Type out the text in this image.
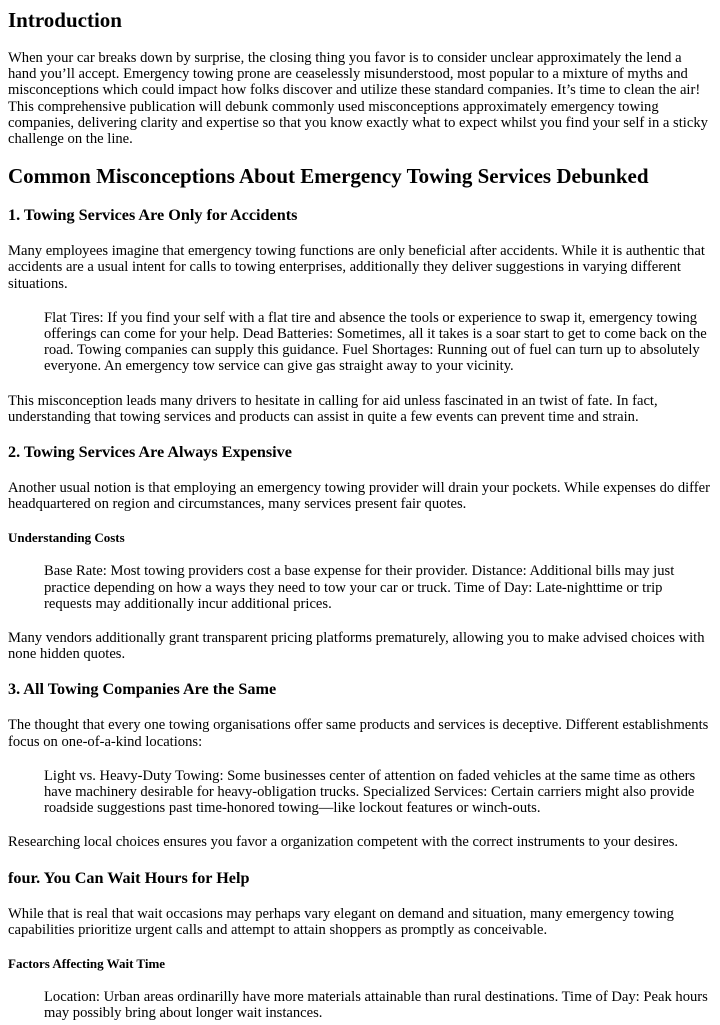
Introduction

When your car breaks down by surprise, the closing thing you favor is to consider unclear approximately the lend a hand you’ll accept. Emergency towing prone are ceaselessly misunderstood, most popular to a mixture of myths and misconceptions which could impact how folks discover and utilize these standard companies. It’s time to clean the air! This comprehensive publication will debunk commonly used misconceptions approximately emergency towing companies, delivering clarity and expertise so that you know exactly what to expect whilst you find your self in a sticky challenge on the line.

Common Misconceptions About Emergency Towing Services Debunked
1. Towing Services Are Only for Accidents

Many employees imagine that emergency towing functions are only beneficial after accidents. While it is authentic that accidents are a usual intent for calls to towing enterprises, additionally they deliver suggestions in varying different situations.

Flat Tires: If you find your self with a flat tire and absence the tools or experience to swap it, emergency towing offerings can come for your help. Dead Batteries: Sometimes, all it takes is a soar start to get to come back on the road. Towing companies can supply this guidance. Fuel Shortages: Running out of fuel can turn up to absolutely everyone. An emergency tow service can give gas straight away to your vicinity.

This misconception leads many drivers to hesitate in calling for aid unless fascinated in an twist of fate. In fact, understanding that towing services and products can assist in quite a few events can prevent time and strain.

2. Towing Services Are Always Expensive

Another usual notion is that employing an emergency towing provider will drain your pockets. While expenses do differ headquartered on region and circumstances, many services present fair quotes.

Understanding Costs
Base Rate: Most towing providers cost a base expense for their provider. Distance: Additional bills may just practice depending on how a ways they need to tow your car or truck. Time of Day: Late-nighttime or trip requests may additionally incur additional prices.

Many vendors additionally grant transparent pricing platforms prematurely, allowing you to make advised choices with none hidden quotes.

3. All Towing Companies Are the Same

The thought that every one towing organisations offer same products and services is deceptive. Different establishments focus on one-of-a-kind locations:

Light vs. Heavy-Duty Towing: Some businesses center of attention on faded vehicles at the same time as others have machinery desirable for heavy-obligation trucks. Specialized Services: Certain carriers might also provide roadside suggestions past time-honored towing—like lockout features or winch-outs.

Researching local choices ensures you favor a organization competent with the correct instruments to your desires.

four. You Can Wait Hours for Help

While that is real that wait occasions may perhaps vary elegant on demand and situation, many emergency towing capabilities prioritize urgent calls and attempt to attain shoppers as promptly as conceivable.

Factors Affecting Wait Time
Location: Urban areas ordinarilly have more materials attainable than rural destinations. Time of Day: Peak hours may possibly bring about longer wait instances.
